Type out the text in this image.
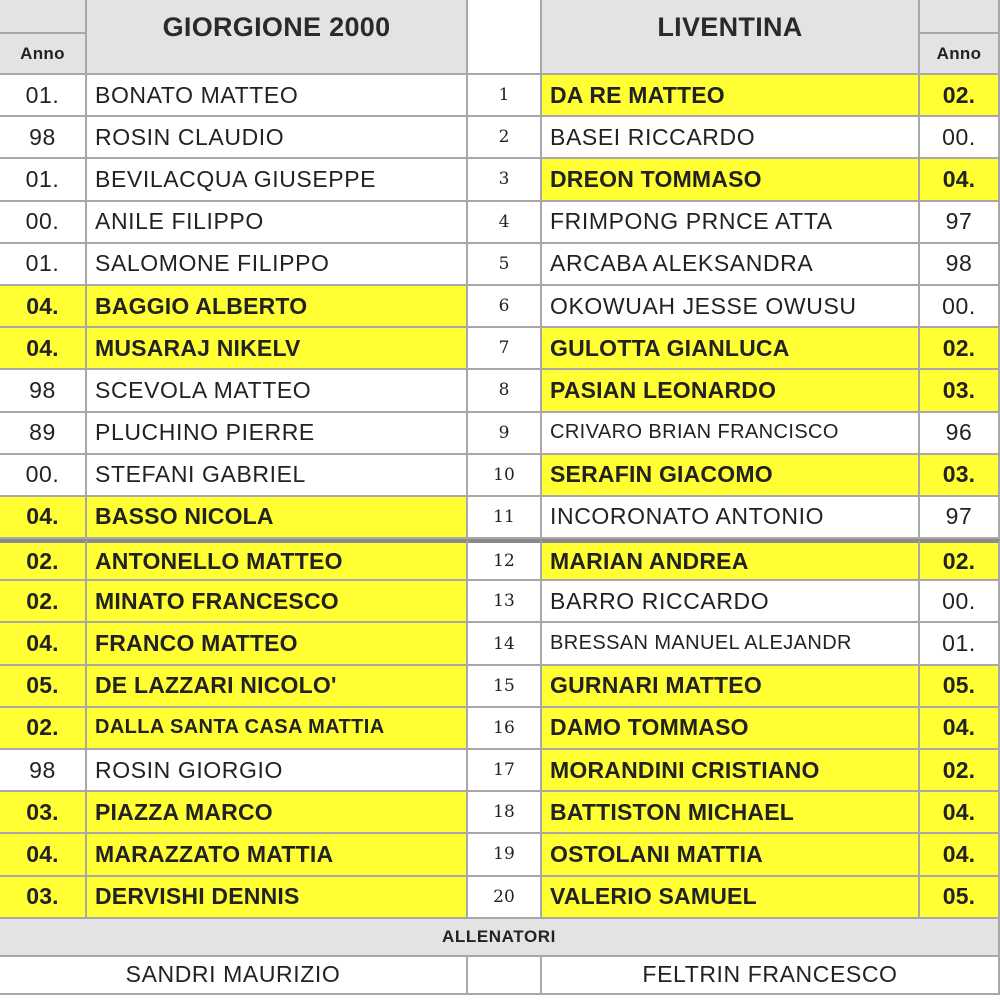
Anno
GIORGIONE 2000	LIVENTINA
Anno
01.	BONATO MATTEO	1	DA RE MATTEO	02.
98	ROSIN CLAUDIO	2	BASEI RICCARDO	00.
01.	BEVILACQUA GIUSEPPE	3	DREON TOMMASO	04.
00.	ANILE FILIPPO	4	FRIMPONG PRNCE ATTA	97
01.	SALOMONE FILIPPO	5	ARCABA ALEKSANDRA	98
04.	BAGGIO ALBERTO	6	OKOWUAH JESSE OWUSU	00.
04.	MUSARAJ NIKELV	7	GULOTTA GIANLUCA	02.
98	SCEVOLA MATTEO	8	PASIAN LEONARDO	03.
89	PLUCHINO PIERRE	9	CRIVARO BRIAN FRANCISCO	96
00.	STEFANI GABRIEL	10	SERAFIN GIACOMO	03.
04.	BASSO NICOLA	11	INCORONATO ANTONIO	97
02.	ANTONELLO MATTEO	12	MARIAN ANDREA	02.
02.	MINATO FRANCESCO	13	BARRO RICCARDO	00.
04.	FRANCO MATTEO	14	BRESSAN MANUEL ALEJANDR	01.
05.	DE LAZZARI NICOLO'	15	GURNARI MATTEO	05.
02.	DALLA SANTA CASA MATTIA	16	DAMO TOMMASO	04.
98	ROSIN GIORGIO	17	MORANDINI CRISTIANO	02.
03.	PIAZZA MARCO	18	BATTISTON MICHAEL	04.
04.	MARAZZATO MATTIA	19	OSTOLANI MATTIA	04.
03.	DERVISHI DENNIS	20	VALERIO SAMUEL	05.
ALLENATORI
SANDRI MAURIZIO	FELTRIN FRANCESCO
